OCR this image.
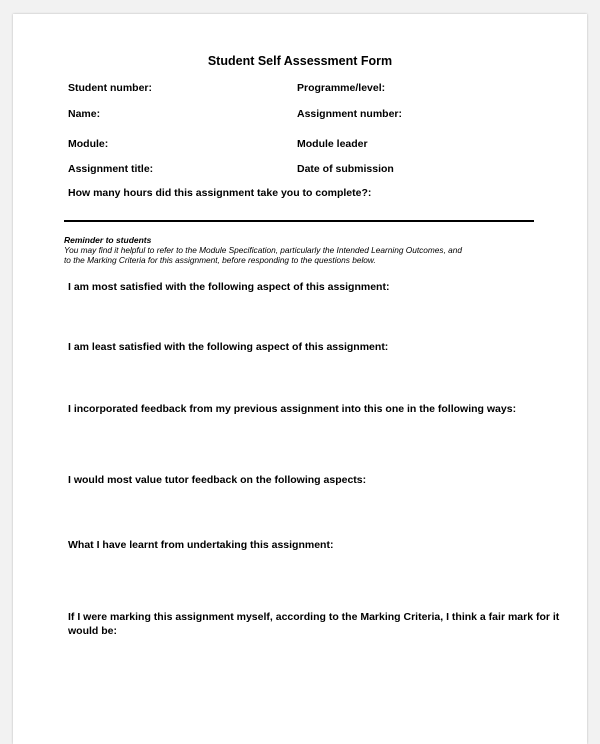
Student Self Assessment Form
Student number:	Programme/level:
Name:	Assignment number:
Module:	Module leader
Assignment title:	Date of submission
How many hours did this assignment take you to complete?:
Reminder to students
You may find it helpful to refer to the Module Specification, particularly the Intended Learning Outcomes, and
to the Marking Criteria for this assignment, before responding to the questions below.
I am most satisfied with the following aspect of this assignment:
I am least satisfied with the following aspect of this assignment:
I incorporated feedback from my previous assignment into this one in the following ways:
I would most value tutor feedback on the following aspects:
What I have learnt from undertaking this assignment:
If I were marking this assignment myself, according to the Marking Criteria, I think a fair mark for it
would be:
